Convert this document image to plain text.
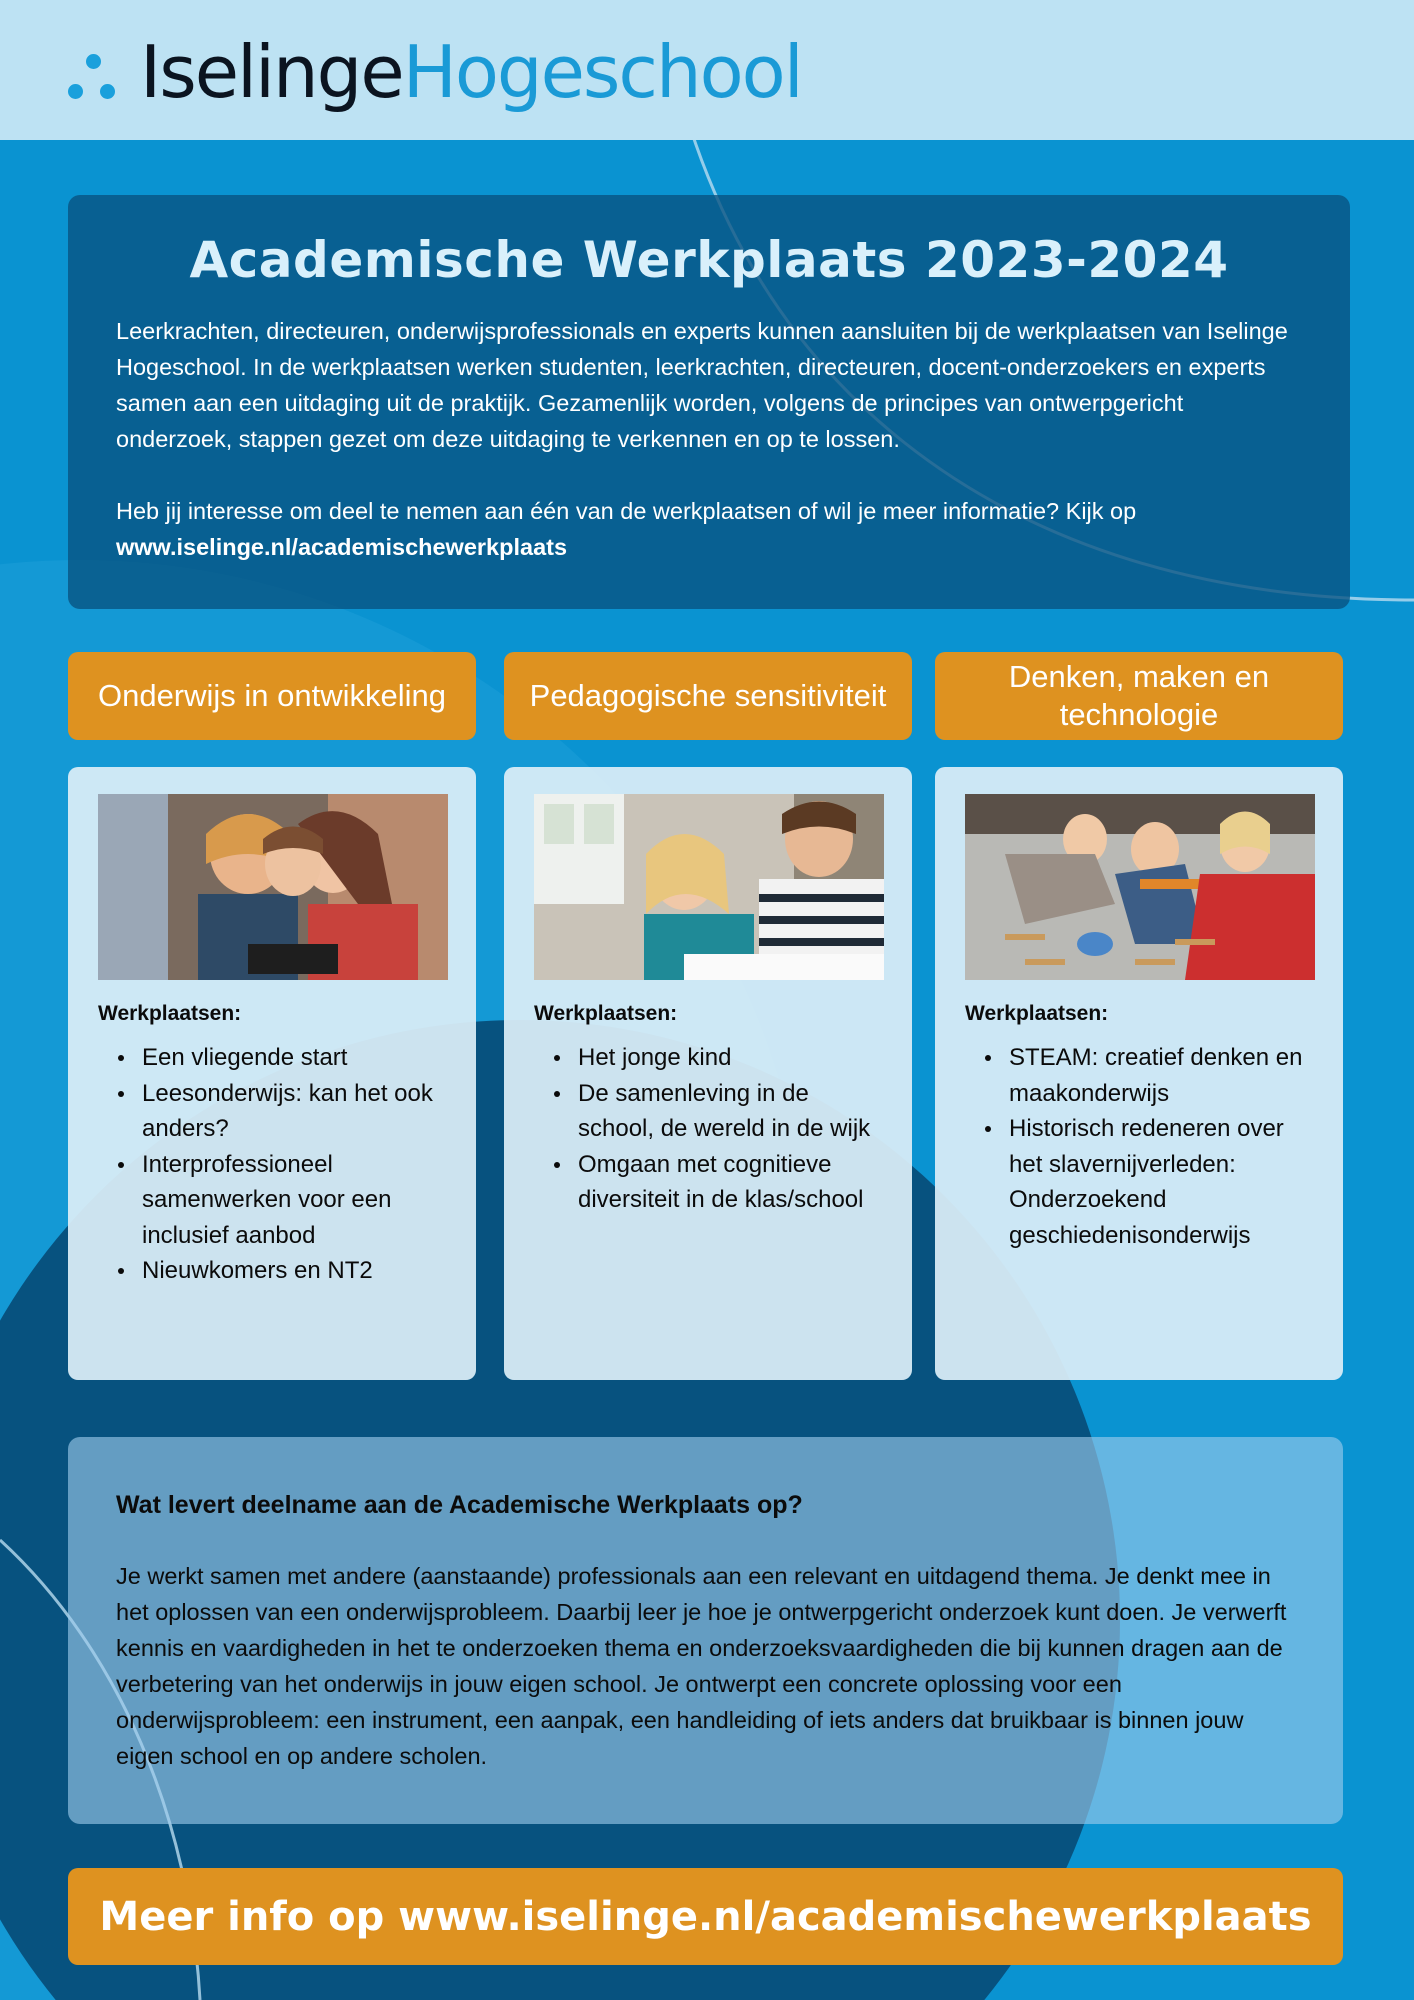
IselingeHogeschool
Academische Werkplaats 2023-2024

Leerkrachten, directeuren, onderwijsprofessionals en experts kunnen aansluiten bij de werkplaatsen van Iselinge Hogeschool. In de werkplaatsen werken studenten, leerkrachten, directeuren, docent-onderzoekers en experts samen aan een uitdaging uit de praktijk. Gezamenlijk worden, volgens de principes van ontwerpgericht onderzoek, stappen gezet om deze uitdaging te verkennen en op te lossen.

Heb jij interesse om deel te nemen aan één van de werkplaatsen of wil je meer informatie? Kijk op
www.iselinge.nl/academischewerkplaats

Onderwijs in ontwikkeling	Pedagogische sensitiviteit
Denken, maken en technologie
Werkplaatsen:
Een vliegende start
Leesonderwijs: kan het ook anders?
Interprofessioneel samenwerken voor een inclusief aanbod
Nieuwkomers en NT2
Werkplaatsen:
Het jonge kind
De samenleving in de school, de wereld in de wijk
Omgaan met cognitieve diversiteit in de klas/school
Werkplaatsen:
STEAM: creatief denken en maakonderwijs
Historisch redeneren over het slavernijverleden: Onderzoekend geschiedenisonderwijs
Wat levert deelname aan de Academische Werkplaats op?

Je werkt samen met andere (aanstaande) professionals aan een relevant en uitdagend thema. Je denkt mee in het oplossen van een onderwijsprobleem. Daarbij leer je hoe je ontwerpgericht onderzoek kunt doen. Je verwerft kennis en vaardigheden in het te onderzoeken thema en onderzoeksvaardigheden die bij kunnen dragen aan de verbetering van het onderwijs in jouw eigen school. Je ontwerpt een concrete oplossing voor een onderwijsprobleem: een instrument, een aanpak, een handleiding of iets anders dat bruikbaar is binnen jouw eigen school en op andere scholen.

Meer info op www.iselinge.nl/academischewerkplaats
